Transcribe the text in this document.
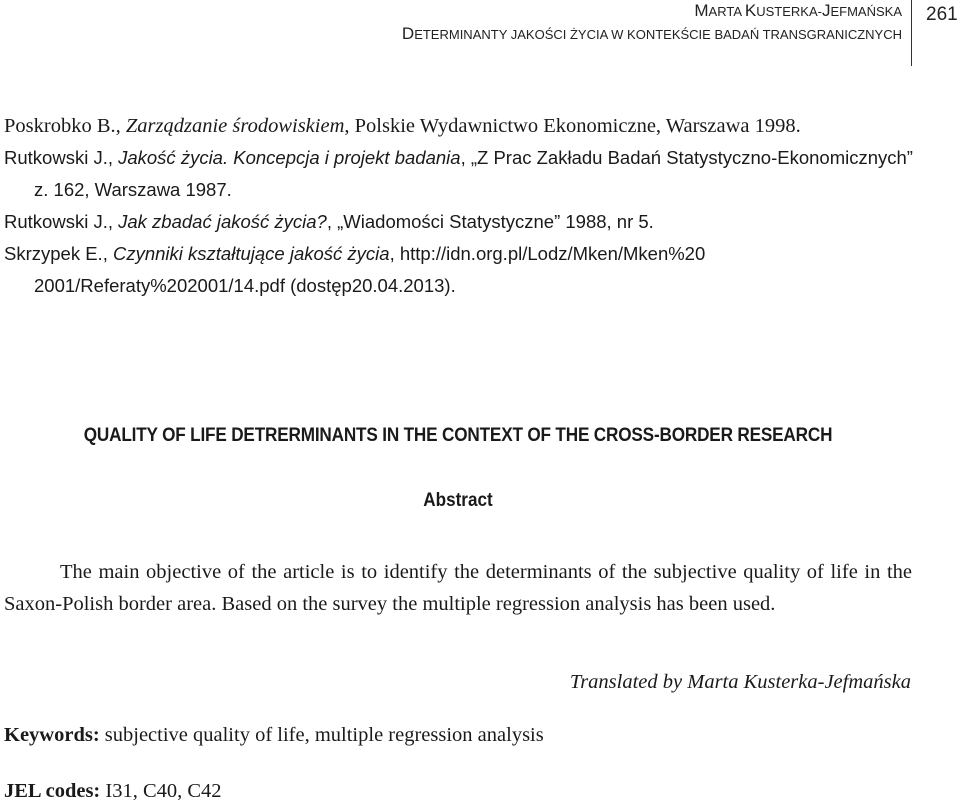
MARTA KUSTERKA-JEFMAŃSKA
DETERMINANTY JAKOŚCI ŻYCIA W KONTEKŚCIE BADAŃ TRANSGRANICZNYCH
261

Poskrobko B., Zarządzanie środowiskiem, Polskie Wydawnictwo Ekonomiczne, Warszawa 1998.

Rutkowski J., Jakość życia. Koncepcja i projekt badania, „Z Prac Zakładu Badań Statystyczno-Ekonomicznych” z. 162, Warszawa 1987.

Rutkowski J., Jak zbadać jakość życia?, „Wiadomości Statystyczne” 1988, nr 5.

Skrzypek E., Czynniki kształtujące jakość życia, http://idn.org.pl/Lodz/Mken/Mken%20 2001/Referaty%202001/14.pdf (dostęp20.04.2013).

QUALITY OF LIFE DETRERMINANTS IN THE CONTEXT OF THE CROSS-BORDER RESEARCH
Abstract
The main objective of the article is to identify the determinants of the subjective quality of life in the Saxon-Polish border area. Based on the survey the multiple regression analysis has been used.
Translated by Marta Kusterka-Jefmańska
Keywords: subjective quality of life, multiple regression analysis
JEL codes: I31, C40, C42
